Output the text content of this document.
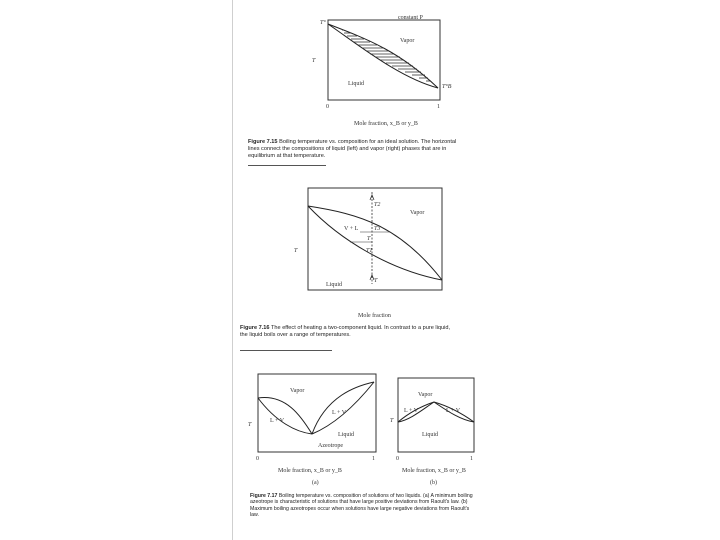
T°
constant P
Vapor
Liquid
T
T°B
0	1
Mole fraction, x_B or y_B
Figure 7.15 Boiling temperature vs. composition for an ideal solution. The horizontal lines connect the compositions of liquid (left) and vapor (right) phases that are in equilibrium at that temperature.
Vapor
Liquid
T
V + L
T2
T3
T1
T
T
Mole fraction
Figure 7.16 The effect of heating a two-component liquid. In contrast to a pure liquid, the liquid boils over a range of temperatures.
Vapor
Liquid
L + V
L + V
Azeotrope
T
0	1
Mole fraction, x_B or y_B
(a)
Vapor
Liquid
L + V	L + V
T
0	1
Mole fraction, x_B or y_B
(b)
Figure 7.17 Boiling temperature vs. composition of solutions of two liquids. (a) A minimum boiling azeotrope is characteristic of solutions that have large positive deviations from Raoult's law. (b) Maximum boiling azeotropes occur when solutions have large negative deviations from Raoult's law.
